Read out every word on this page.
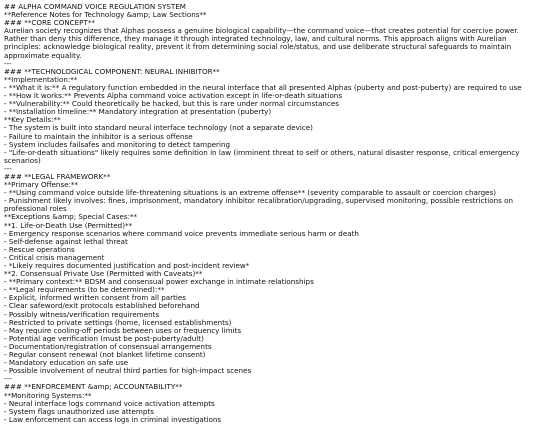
## ALPHA COMMAND VOICE REGULATION SYSTEM
**Reference Notes for Technology &amp; Law Sections**
### **CORE CONCEPT**
Aurelian society recognizes that Alphas possess a genuine biological capability—the command voice—that creates potential for coercive power. Rather than deny this difference, they manage it through integrated technology, law, and cultural norms. This approach aligns with Aurelian principles: acknowledge biological reality, prevent it from determining social role/status, and use deliberate structural safeguards to maintain approximate equality.
---
### **TECHNOLOGICAL COMPONENT: NEURAL INHIBITOR**
**Implementation:**
- **What it is:** A regulatory function embedded in the neural interface that all presented Alphas (puberty and post-puberty) are required to use
- **How it works:** Prevents Alpha command voice activation except in life-or-death situations
- **Vulnerability:** Could theoretically be hacked, but this is rare under normal circumstances
- **Installation timeline:** Mandatory integration at presentation (puberty)
**Key Details:**
- The system is built into standard neural interface technology (not a separate device)
- Failure to maintain the inhibitor is a serious offense
- System includes failsafes and monitoring to detect tampering
- "Life-or-death situations" likely requires some definition in law (imminent threat to self or others, natural disaster response, critical emergency scenarios)
---
### **LEGAL FRAMEWORK**
**Primary Offense:**
- **Using command voice outside life-threatening situations is an extreme offense** (severity comparable to assault or coercion charges)
- Punishment likely involves: fines, imprisonment, mandatory inhibitor recalibration/upgrading, supervised monitoring, possible restrictions on professional roles
**Exceptions &amp; Special Cases:**
**1. Life-or-Death Use (Permitted)**
- Emergency response scenarios where command voice prevents immediate serious harm or death
- Self-defense against lethal threat
- Rescue operations
- Critical crisis management
- *Likely requires documented justification and post-incident review*
**2. Consensual Private Use (Permitted with Caveats)**
- **Primary context:** BDSM and consensual power exchange in intimate relationships
- **Legal requirements (to be determined):**
- Explicit, informed written consent from all parties
- Clear safeword/exit protocols established beforehand
- Possibly witness/verification requirements
- Restricted to private settings (home, licensed establishments)
- May require cooling-off periods between uses or frequency limits
- Potential age verification (must be post-puberty/adult)
- Documentation/registration of consensual arrangements
- Regular consent renewal (not blanket lifetime consent)
- Mandatory education on safe use
- Possible involvement of neutral third parties for high-impact scenes
---
### **ENFORCEMENT &amp; ACCOUNTABILITY**
**Monitoring Systems:**
- Neural interface logs command voice activation attempts
- System flags unauthorized use attempts
- Law enforcement can access logs in criminal investigations
